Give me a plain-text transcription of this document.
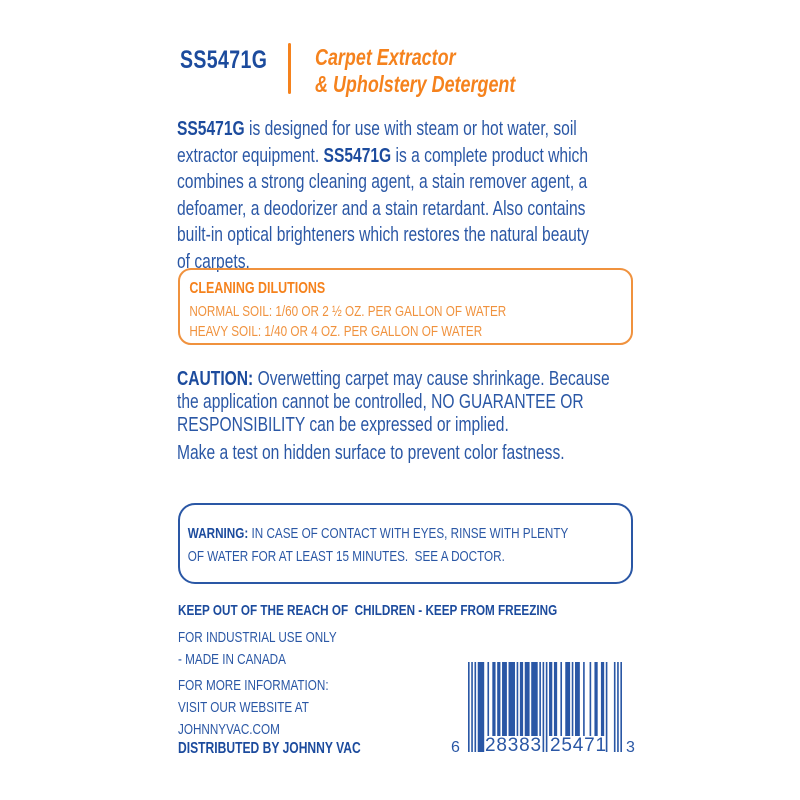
SS5471G Carpet Extractor
& Upholstery Detergent

SS5471G is designed for use with steam or hot water, soil
extractor equipment. SS5471G is a complete product which
combines a strong cleaning agent, a stain remover agent, a
defoamer, a deodorizer and a stain retardant. Also contains
built-in optical brighteners which restores the natural beauty
of carpets.

CLEANING DILUTIONS
NORMAL SOIL: 1/60 OR 2 ½ OZ. PER GALLON OF WATER
HEAVY SOIL: 1/40 OR 4 OZ. PER GALLON OF WATER

CAUTION: Overwetting carpet may cause shrinkage. Because
the application cannot be controlled, NO GUARANTEE OR
RESPONSIBILITY can be expressed or implied.

Make a test on hidden surface to prevent color fastness.

WARNING: IN CASE OF CONTACT WITH EYES, RINSE WITH PLENTY
OF WATER FOR AT LEAST 15 MINUTES.  SEE A DOCTOR.

KEEP OUT OF THE REACH OF  CHILDREN - KEEP FROM FREEZING

FOR INDUSTRIAL USE ONLY
- MADE IN CANADA

FOR MORE INFORMATION:
VISIT OUR WEBSITE AT
JOHNNYVAC.COM

DISTRIBUTED BY JOHNNY VAC	6 28383 25471 3
